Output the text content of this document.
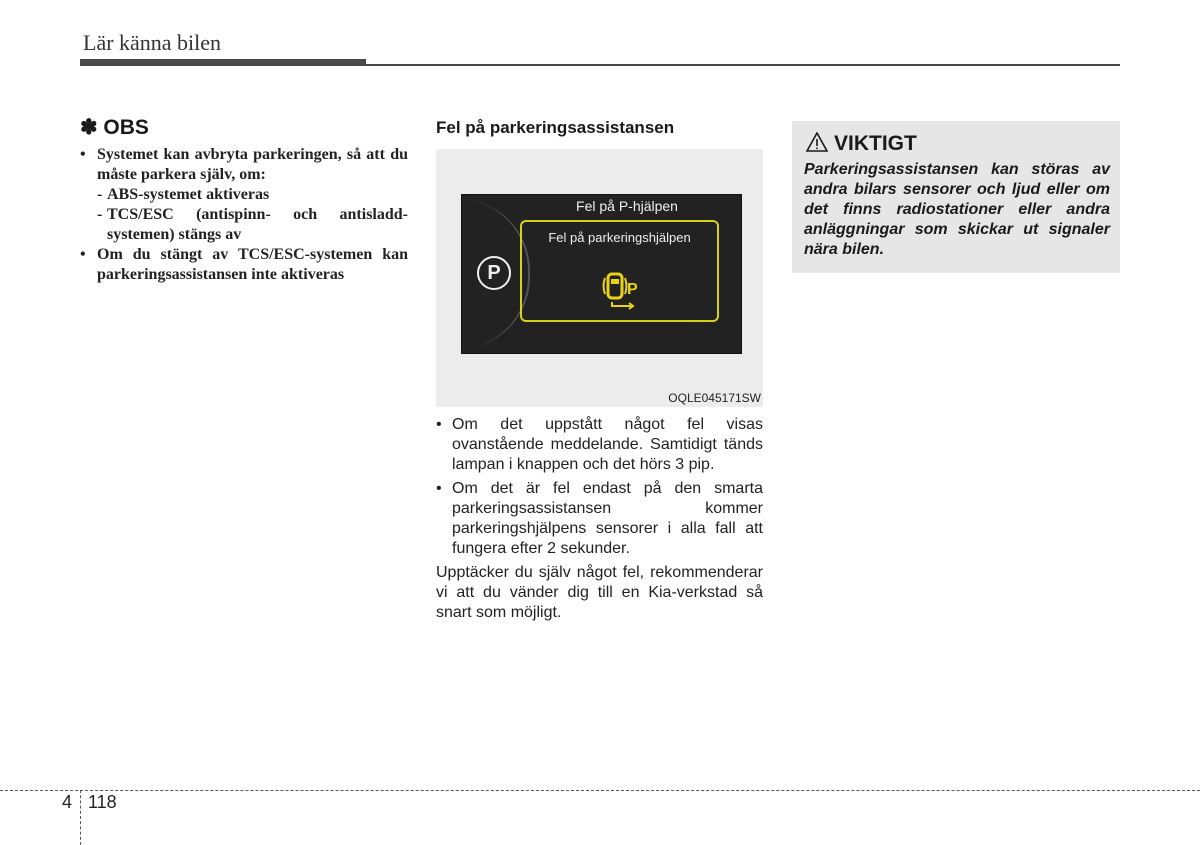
Lär känna bilen
✽ OBS
• Systemet kan avbryta parkeringen, så att du måste parkera själv, om:
- ABS-systemet aktiveras
- TCS/ESC (antispinn- och antisladd-systemen) stängs av
• Om du stängt av TCS/ESC-systemen kan parkeringsassistansen inte aktiveras
Fel på parkeringsassistansen
P
Fel på P-hjälpen
Fel på parkeringshjälpen
P
OQLE045171SW
• Om det uppstått något fel visas ovanstående meddelande. Samtidigt tänds lampan i knappen och det hörs 3 pip.
• Om det är fel endast på den smarta parkeringsassistansen kommer parkeringshjälpens sensorer i alla fall att fungera efter 2 sekunder.
Upptäcker du själv något fel, rekommenderar vi att du vänder dig till en Kia-verkstad så snart som möjligt.
VIKTIGT
Parkeringsassistansen kan störas av andra bilars sensorer och ljud eller om det finns radiostationer eller andra anläggningar som skickar ut signaler nära bilen.
4 118
